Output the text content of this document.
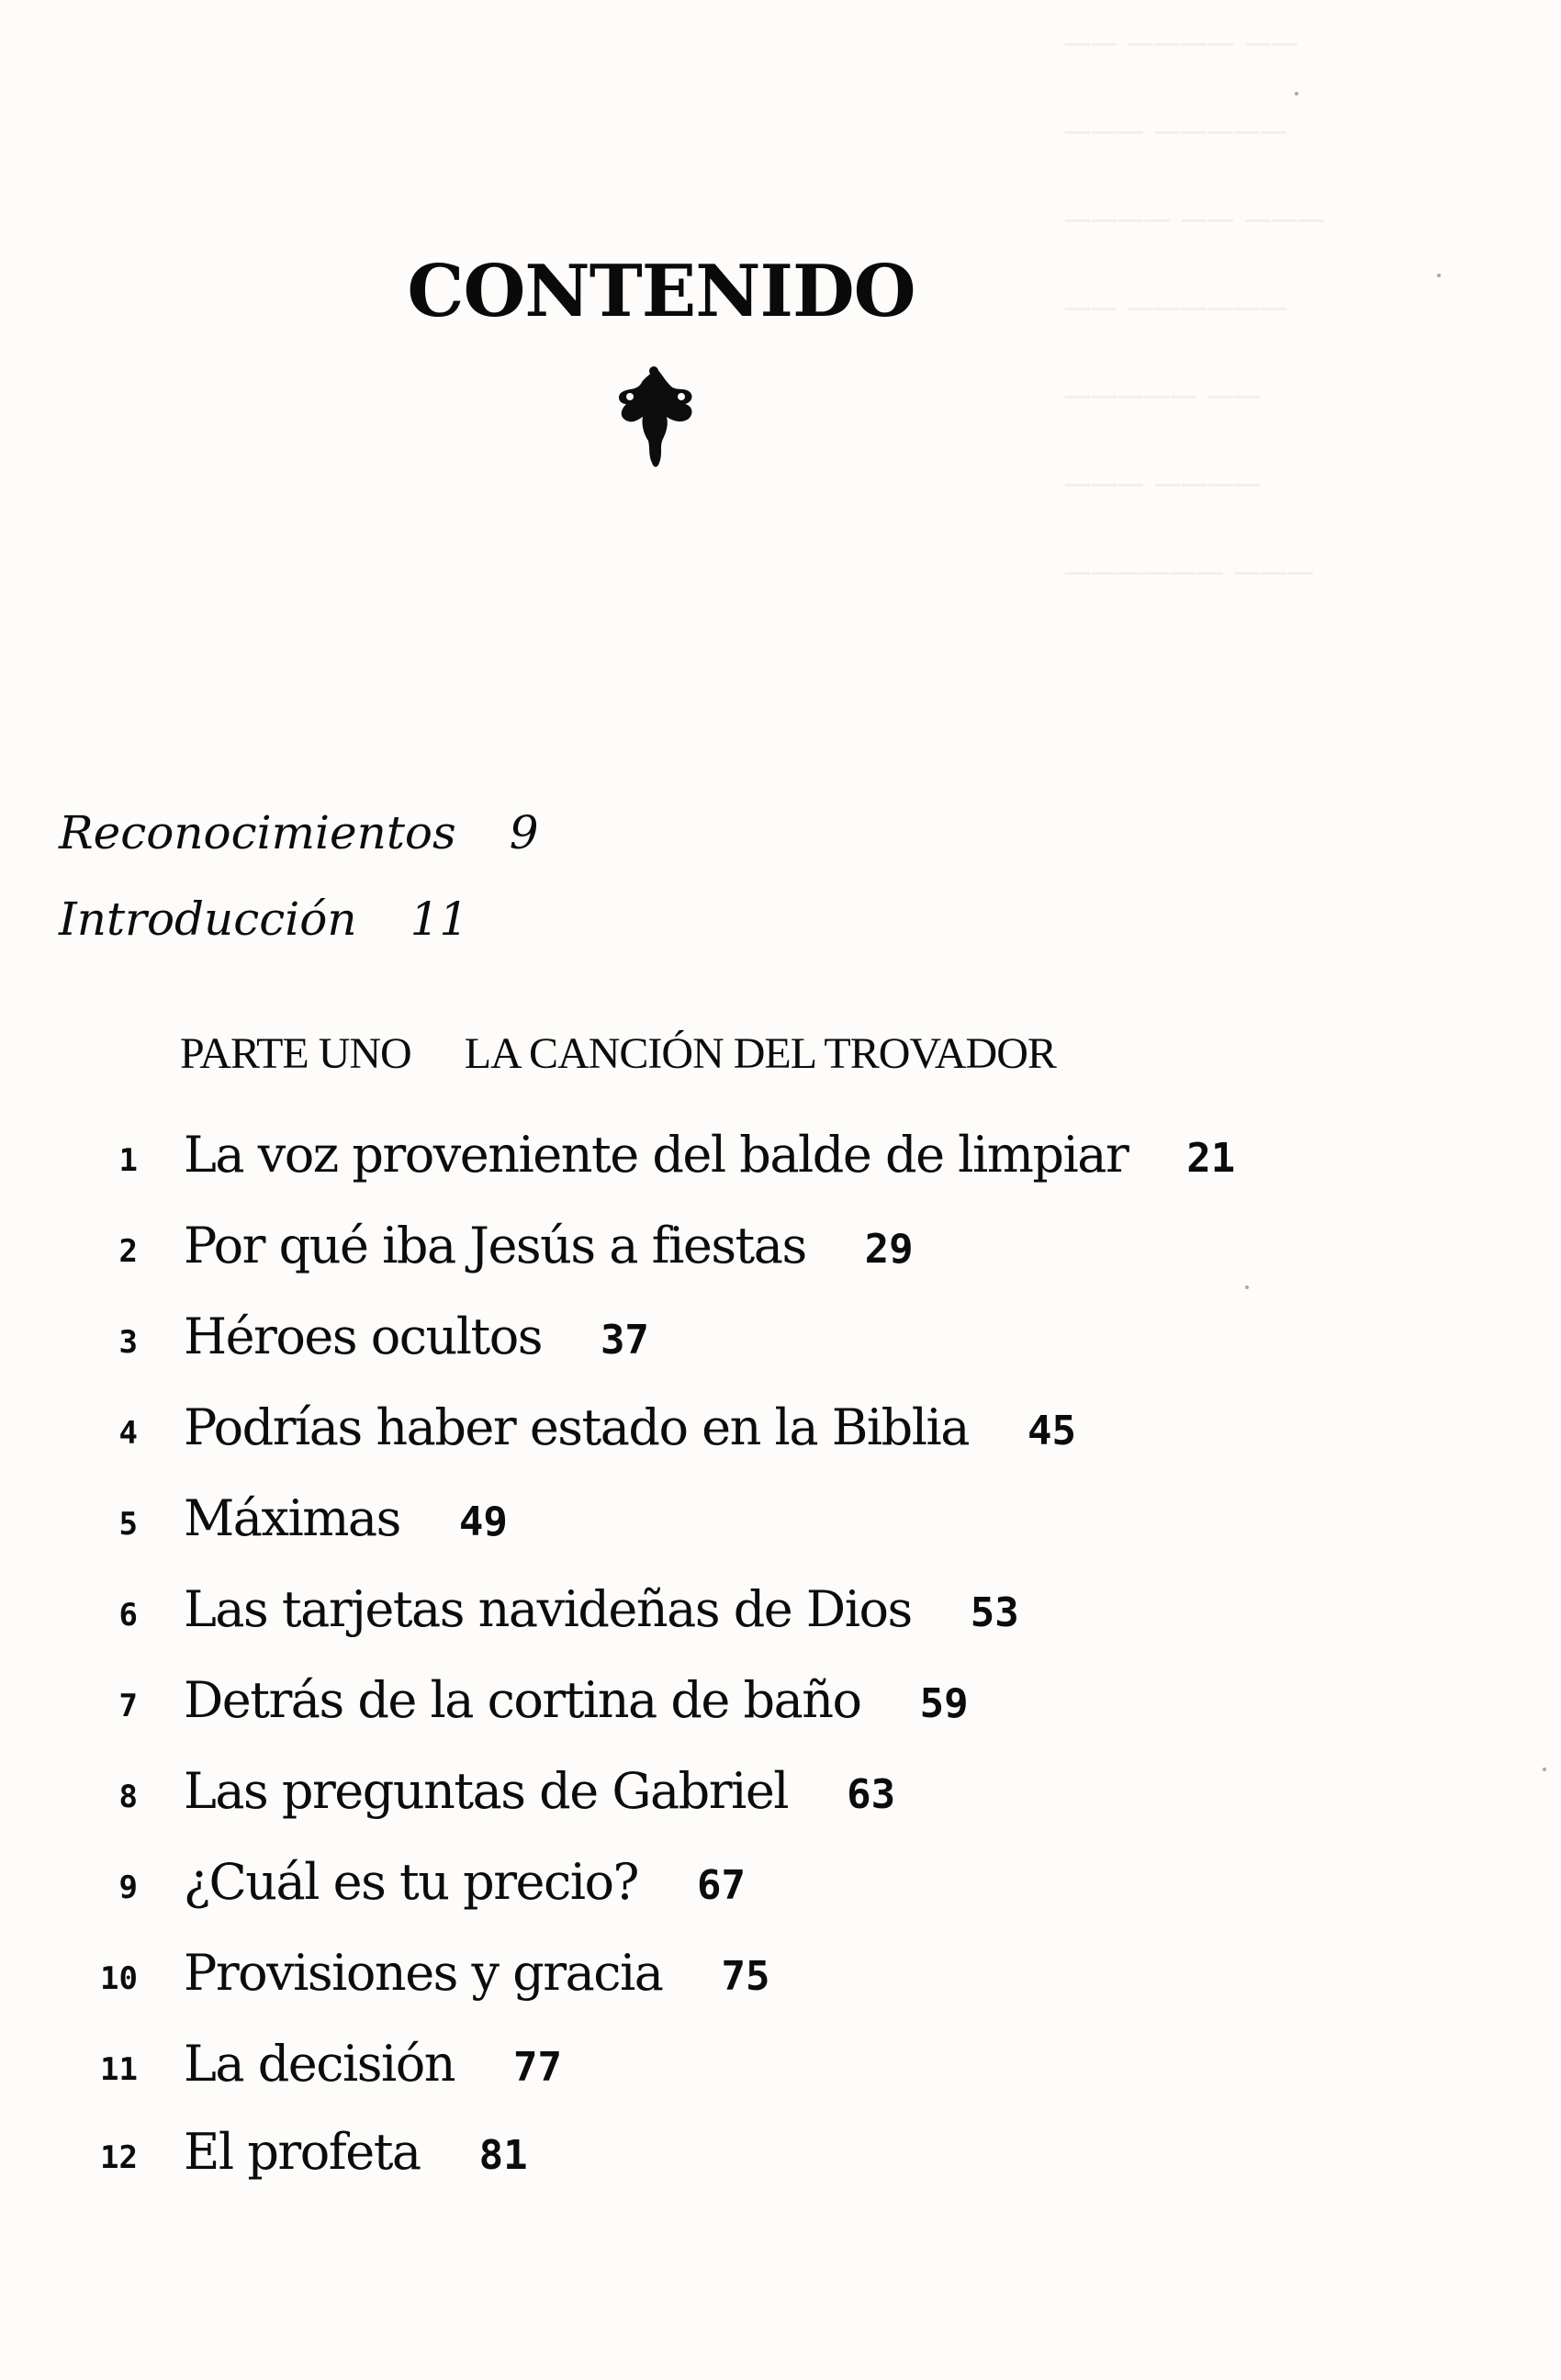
── ──── ──
─── ─────
──── ── ───
── ──────
───── ──
─── ────
────── ───
CONTENIDO
Reconocimientos 9
Introducción 11
PARTE UNO LA CANCIÓN DEL TROVADOR
1 La voz proveniente del balde de limpiar 21
2 Por qué iba Jesús a fiestas 29
3 Héroes ocultos 37
4 Podrías haber estado en la Biblia 45
5 Máximas 49
6 Las tarjetas navideñas de Dios 53
7 Detrás de la cortina de baño 59
8 Las preguntas de Gabriel 63
9 ¿Cuál es tu precio? 67
10 Provisiones y gracia 75
11 La decisión 77
12 El profeta 81
